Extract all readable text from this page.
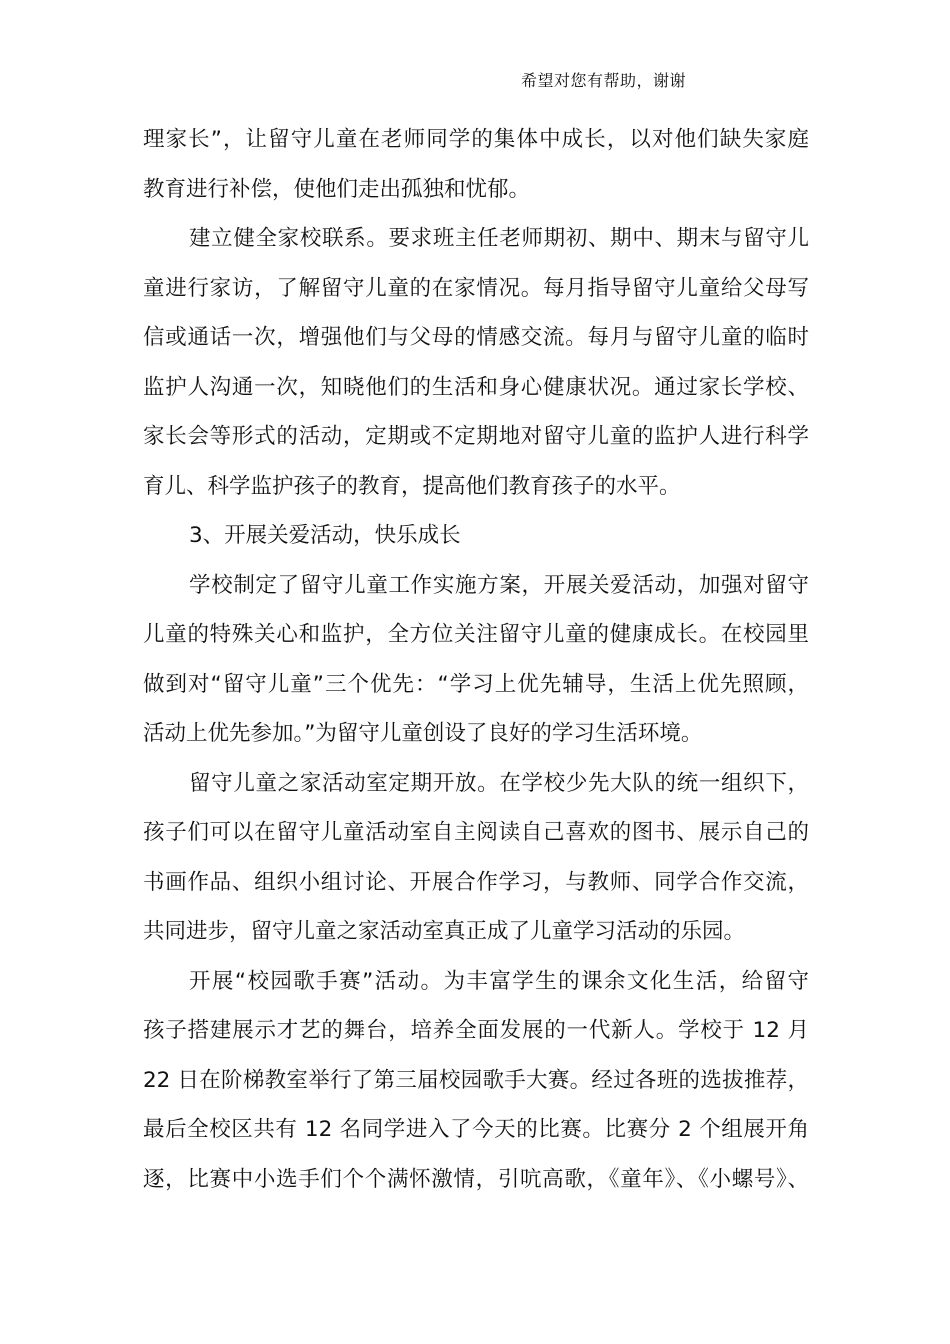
希望对您有帮助，谢谢
理家长”，让留守儿童在老师同学的集体中成长，以对他们缺失家庭
教育进行补偿，使他们走出孤独和忧郁。
建立健全家校联系。要求班主任老师期初、期中、期末与留守儿
童进行家访，了解留守儿童的在家情况。每月指导留守儿童给父母写
信或通话一次，增强他们与父母的情感交流。每月与留守儿童的临时
监护人沟通一次，知晓他们的生活和身心健康状况。通过家长学校、
家长会等形式的活动，定期或不定期地对留守儿童的监护人进行科学
育儿、科学监护孩子的教育，提高他们教育孩子的水平。
3、开展关爱活动，快乐成长
学校制定了留守儿童工作实施方案，开展关爱活动，加强对留守
儿童的特殊关心和监护，全方位关注留守儿童的健康成长。在校园里
做到对“留守儿童”三个优先：“学习上优先辅导，生活上优先照顾，
活动上优先参加。”为留守儿童创设了良好的学习生活环境。
留守儿童之家活动室定期开放。在学校少先大队的统一组织下，
孩子们可以在留守儿童活动室自主阅读自己喜欢的图书、展示自己的
书画作品、组织小组讨论、开展合作学习，与教师、同学合作交流，
共同进步，留守儿童之家活动室真正成了儿童学习活动的乐园。
开展“校园歌手赛”活动。为丰富学生的课余文化生活，给留守
孩子搭建展示才艺的舞台，培养全面发展的一代新人。学校于 12 月
22 日在阶梯教室举行了第三届校园歌手大赛。经过各班的选拔推荐，
最后全校区共有 12 名同学进入了今天的比赛。比赛分 2 个组展开角
逐，比赛中小选手们个个满怀激情，引吭高歌，《童年》、《小螺号》、
